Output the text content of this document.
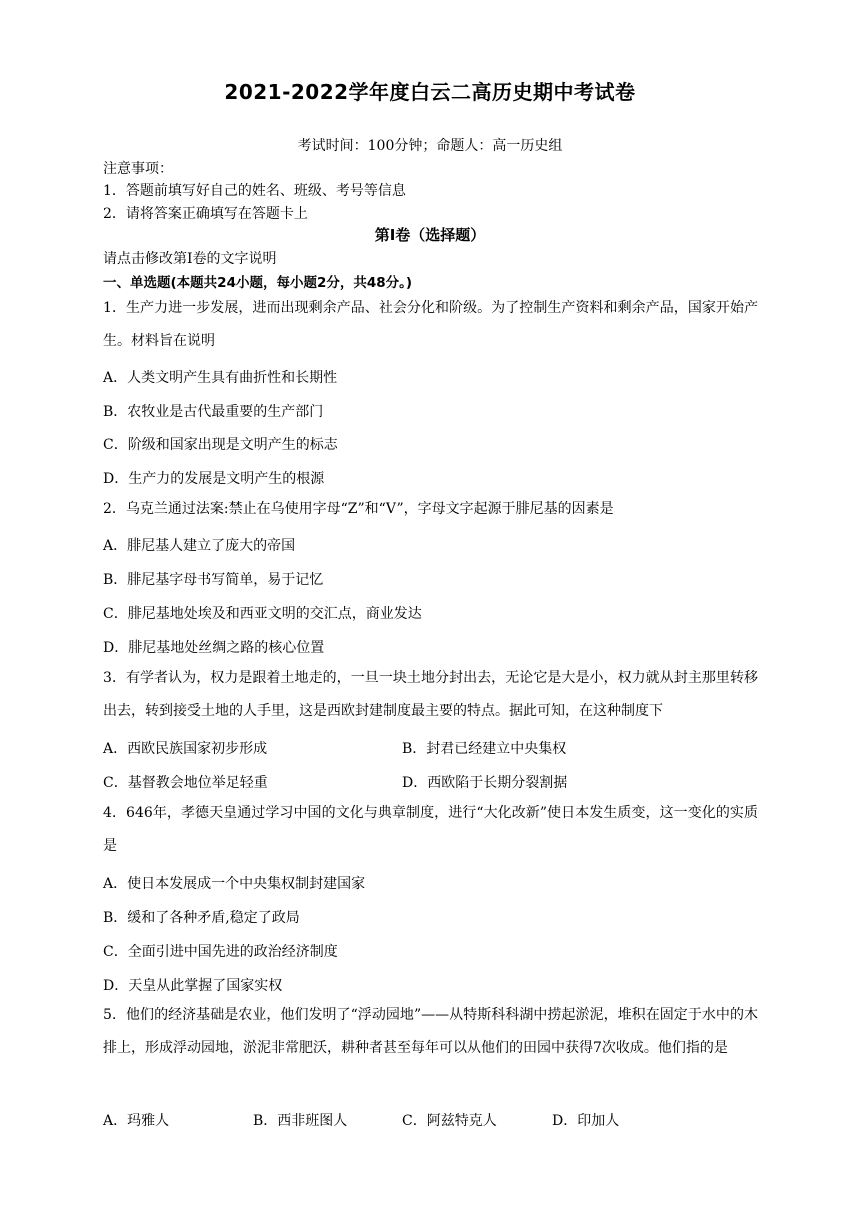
2021-2022学年度白云二高历史期中考试卷
考试时间：100分钟；命题人：高一历史组
注意事项：
1．答题前填写好自己的姓名、班级、考号等信息
2．请将答案正确填写在答题卡上
第Ⅰ卷（选择题）
请点击修改第Ⅰ卷的文字说明
一、单选题(本题共24小题，每小题2分，共48分。)
1．生产力进一步发展，进而出现剩余产品、社会分化和阶级。为了控制生产资料和剩余产品，国家开始产生。材料旨在说明
A．人类文明产生具有曲折性和长期性
B．农牧业是古代最重要的生产部门
C．阶级和国家出现是文明产生的标志
D．生产力的发展是文明产生的根源
2．乌克兰通过法案:禁止在乌使用字母“Z”和“V”，字母文字起源于腓尼基的因素是
A．腓尼基人建立了庞大的帝国
B．腓尼基字母书写简单，易于记忆
C．腓尼基地处埃及和西亚文明的交汇点，商业发达
D．腓尼基地处丝绸之路的核心位置
3．有学者认为，权力是跟着土地走的，一旦一块土地分封出去，无论它是大是小，权力就从封主那里转移出去，转到接受土地的人手里，这是西欧封建制度最主要的特点。据此可知，在这种制度下
A．西欧民族国家初步形成	B．封君已经建立中央集权
C．基督教会地位举足轻重	D．西欧陷于长期分裂割据
4．646年，孝德天皇通过学习中国的文化与典章制度，进行“大化改新”使日本发生质变，这一变化的实质是
A．使日本发展成一个中央集权制封建国家
B．缓和了各种矛盾,稳定了政局
C．全面引进中国先进的政治经济制度
D．天皇从此掌握了国家实权
5．他们的经济基础是农业，他们发明了“浮动园地”——从特斯科科湖中捞起淤泥，堆积在固定于水中的木排上，形成浮动园地，淤泥非常肥沃，耕种者甚至每年可以从他们的田园中获得7次收成。他们指的是
A．玛雅人	B．西非班图人	C．阿兹特克人	D．印加人
